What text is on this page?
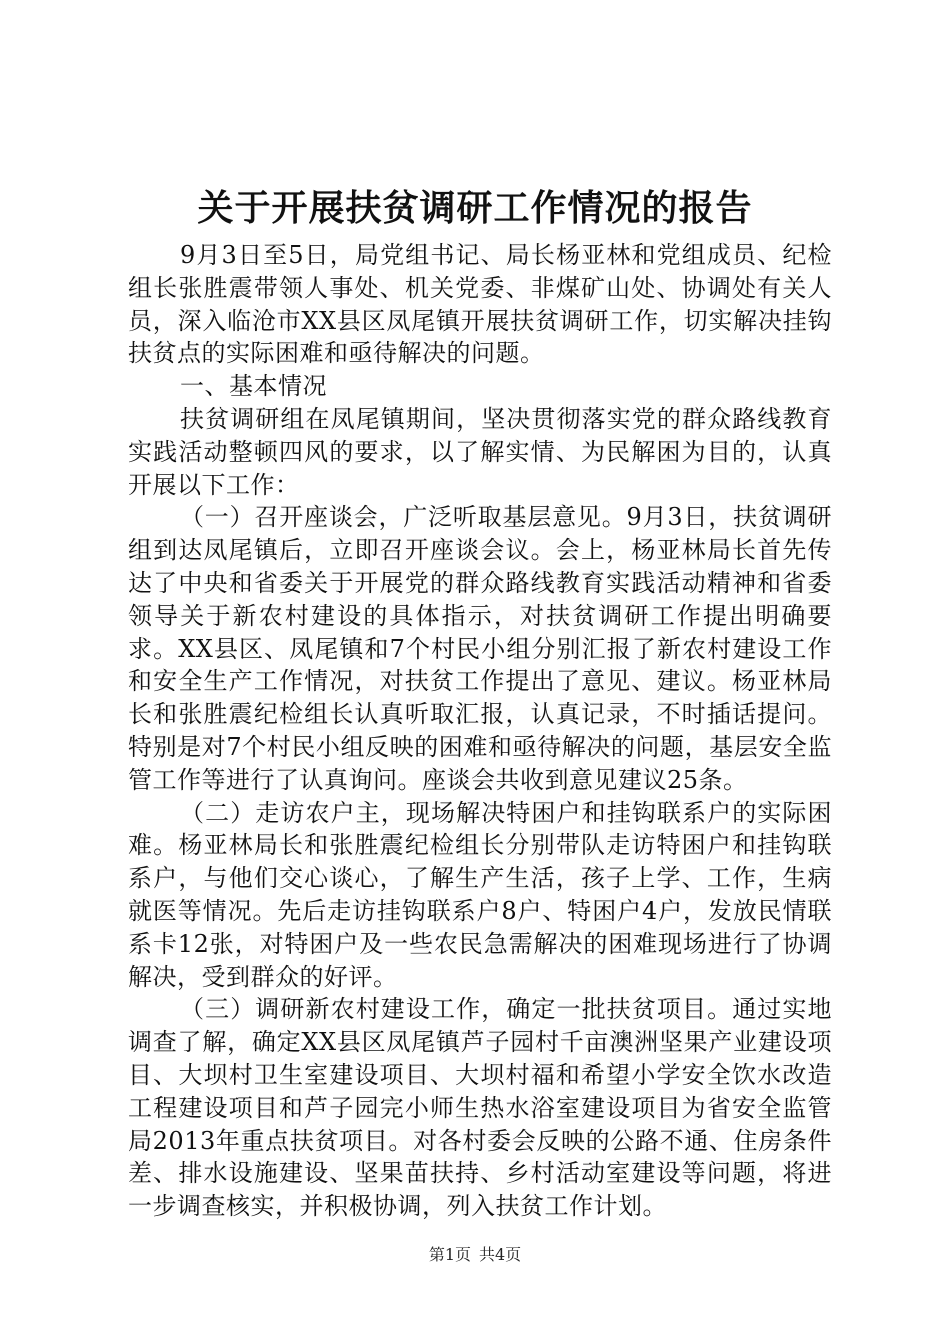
关于开展扶贫调研工作情况的报告

9月3日至5日，局党组书记、局长杨亚林和党组成员、纪检组长张胜震带领人事处、机关党委、非煤矿山处、协调处有关人员，深入临沧市XX县区凤尾镇开展扶贫调研工作，切实解决挂钩扶贫点的实际困难和亟待解决的问题。

一、基本情况

扶贫调研组在凤尾镇期间，坚决贯彻落实党的群众路线教育实践活动整顿四风的要求，以了解实情、为民解困为目的，认真开展以下工作：

（一）召开座谈会，广泛听取基层意见。9月3日，扶贫调研组到达凤尾镇后，立即召开座谈会议。会上，杨亚林局长首先传达了中央和省委关于开展党的群众路线教育实践活动精神和省委领导关于新农村建设的具体指示，对扶贫调研工作提出明确要求。XX县区、凤尾镇和7个村民小组分别汇报了新农村建设工作和安全生产工作情况，对扶贫工作提出了意见、建议。杨亚林局长和张胜震纪检组长认真听取汇报，认真记录，不时插话提问。特别是对7个村民小组反映的困难和亟待解决的问题，基层安全监管工作等进行了认真询问。座谈会共收到意见建议25条。

（二）走访农户主，现场解决特困户和挂钩联系户的实际困难。杨亚林局长和张胜震纪检组长分别带队走访特困户和挂钩联系户，与他们交心谈心，了解生产生活，孩子上学、工作，生病就医等情况。先后走访挂钩联系户8户、特困户4户，发放民情联系卡12张，对特困户及一些农民急需解决的困难现场进行了协调解决，受到群众的好评。

（三）调研新农村建设工作，确定一批扶贫项目。通过实地调查了解，确定XX县区凤尾镇芦子园村千亩澳洲坚果产业建设项目、大坝村卫生室建设项目、大坝村福和希望小学安全饮水改造工程建设项目和芦子园完小师生热水浴室建设项目为省安全监管局2013年重点扶贫项目。对各村委会反映的公路不通、住房条件差、排水设施建设、坚果苗扶持、乡村活动室建设等问题，将进一步调查核实，并积极协调，列入扶贫工作计划。

第1页 共4页
